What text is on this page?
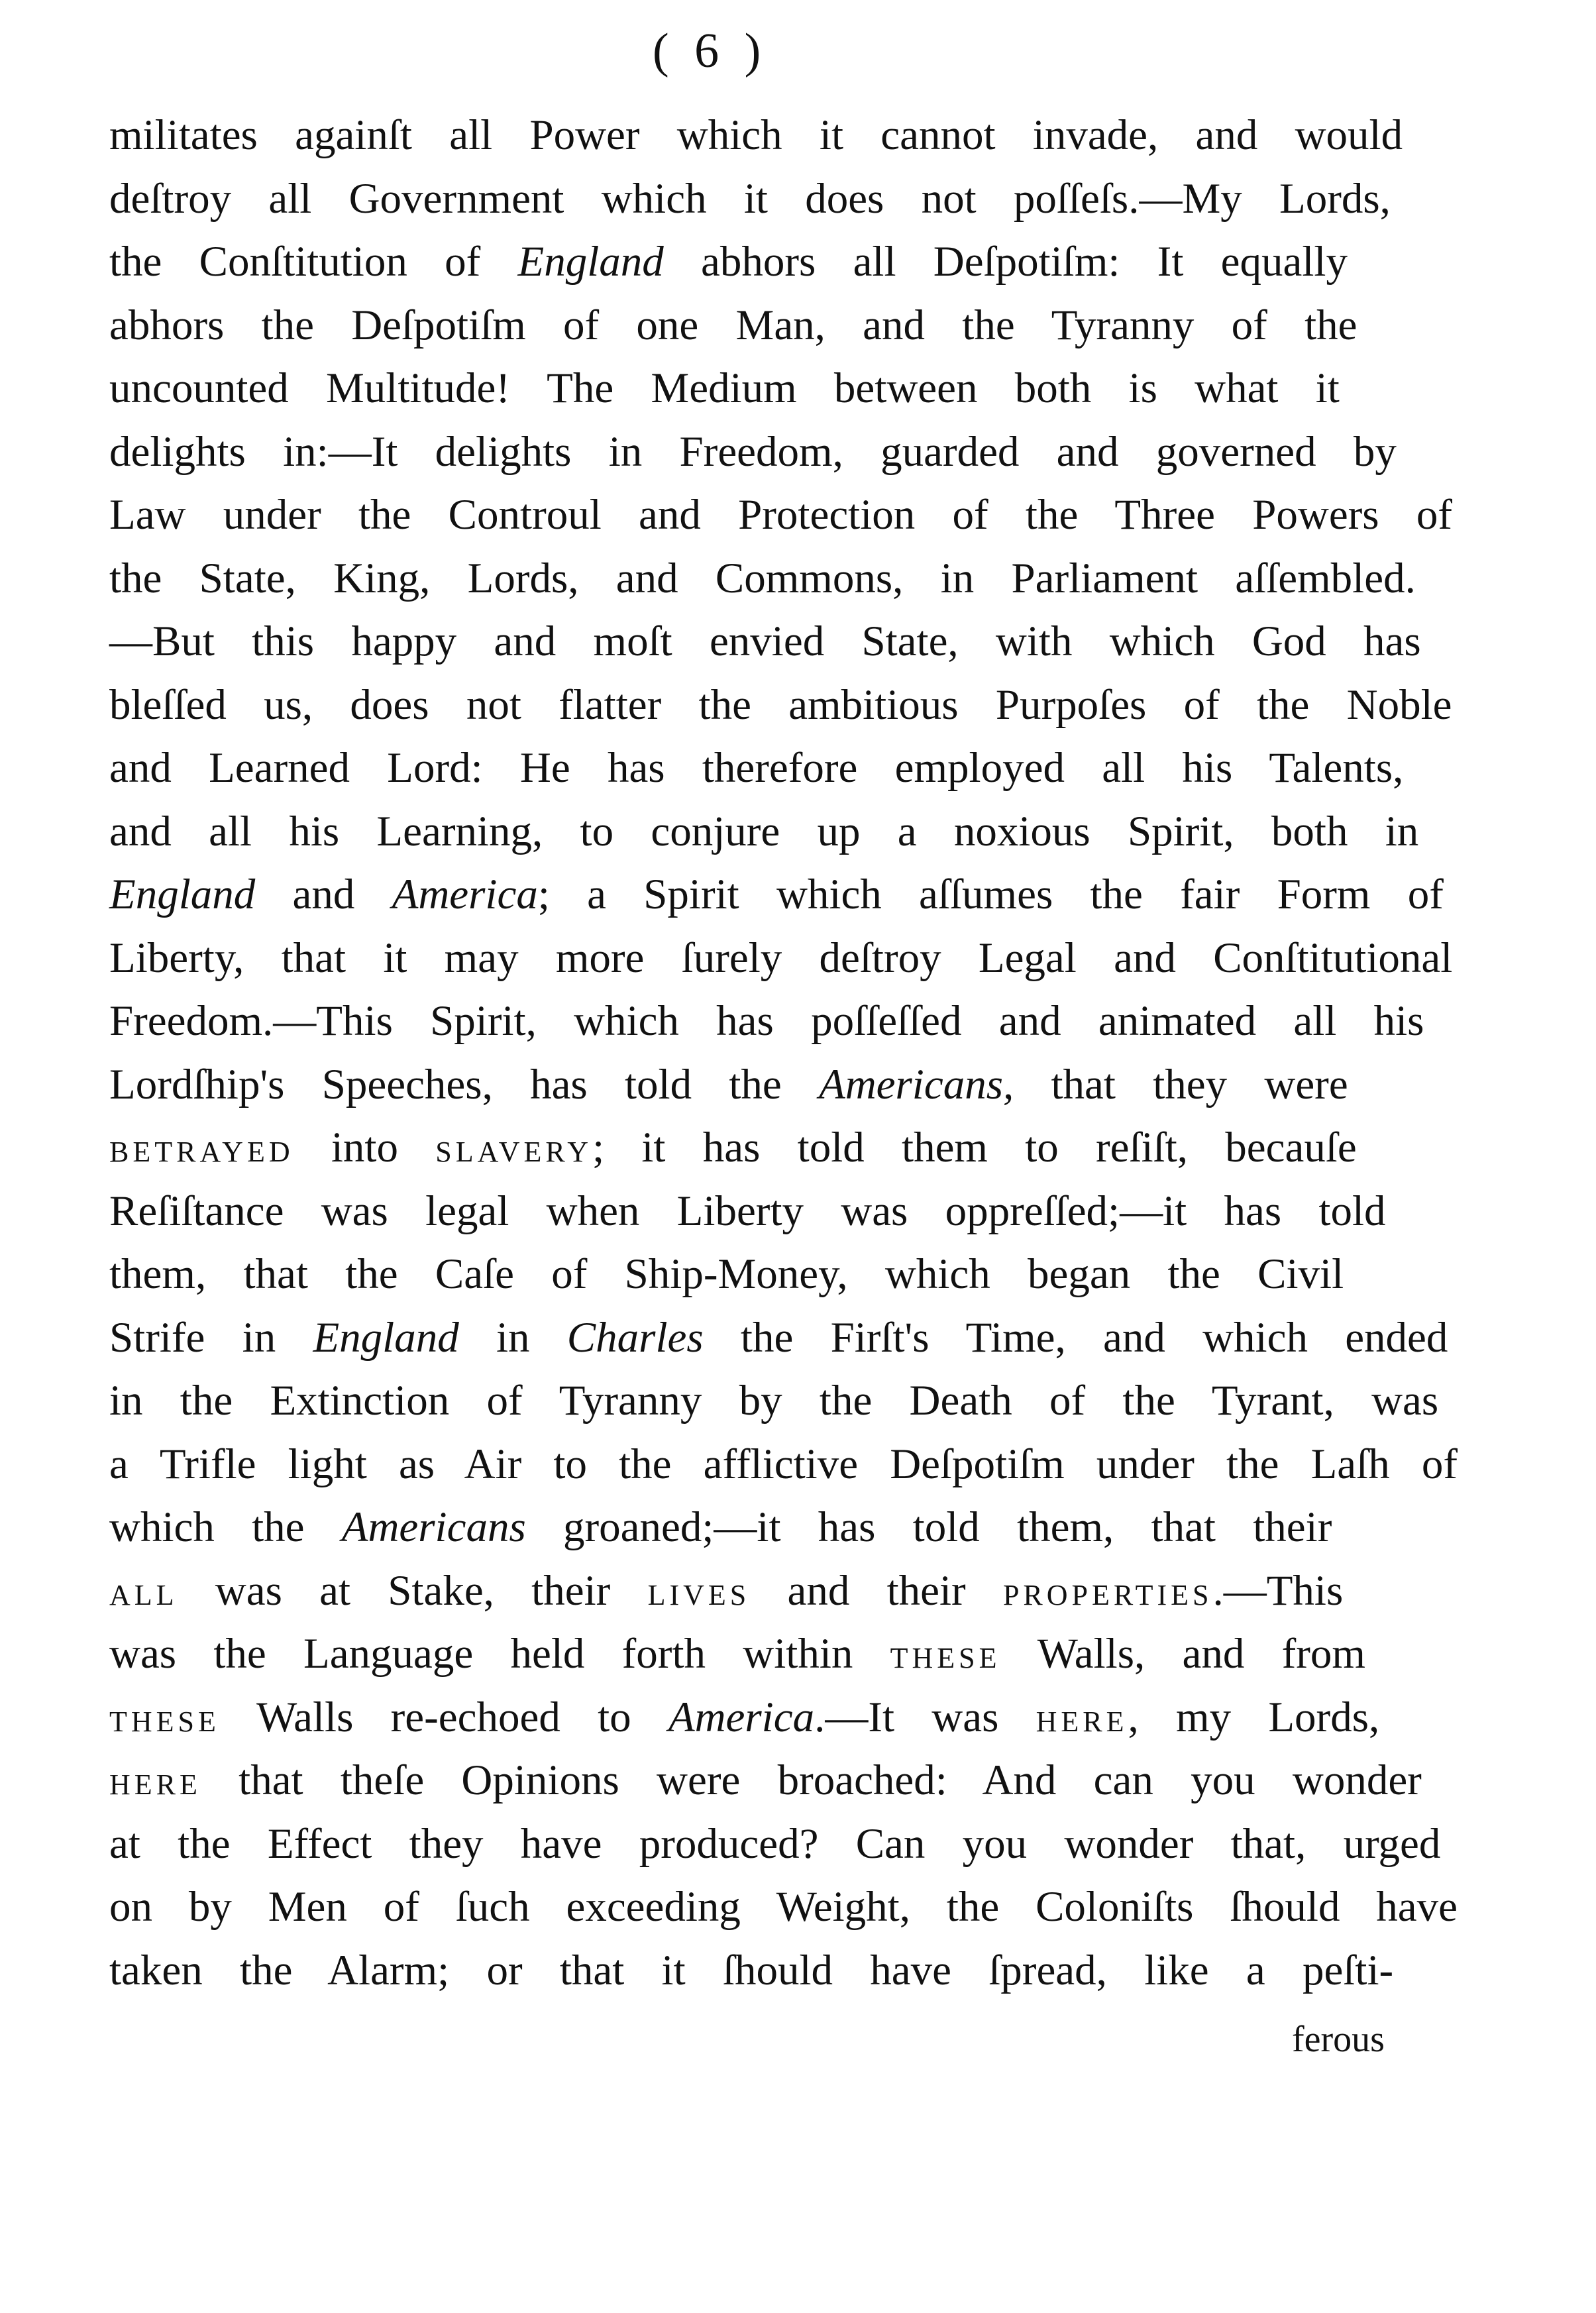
( 6 )
militates againſt all Power which it cannot invade, and would
deſtroy all Government which it does not poſſeſs.—My Lords,
the Conſtitution of England abhors all Deſpotiſm: It equally
abhors the Deſpotiſm of one Man, and the Tyranny of the
uncounted Multitude! The Medium between both is what it
delights in:—It delights in Freedom, guarded and governed by
Law under the Controul and Protection of the Three Powers of
the State, King, Lords, and Commons, in Parliament aſſembled.
—But this happy and moſt envied State, with which God has
bleſſed us, does not flatter the ambitious Purpoſes of the Noble
and Learned Lord: He has therefore employed all his Talents,
and all his Learning, to conjure up a noxious Spirit, both in
England and America; a Spirit which aſſumes the fair Form of
Liberty, that it may more ſurely deſtroy Legal and Conſtitutional
Freedom.—This Spirit, which has poſſeſſed and animated all his
Lordſhip's Speeches, has told the Americans, that they were
BETRAYED into SLAVERY; it has told them to reſiſt, becauſe
Reſiſtance was legal when Liberty was oppreſſed;—it has told
them, that the Caſe of Ship-Money, which began the Civil
Strife in England in Charles the Firſt's Time, and which ended
in the Extinction of Tyranny by the Death of the Tyrant, was
a Trifle light as Air to the afflictive Deſpotiſm under the Laſh of
which the Americans groaned;—it has told them, that their
ALL was at Stake, their LIVES and their PROPERTIES.—This
was the Language held forth within THESE Walls, and from
THESE Walls re-echoed to America.—It was HERE, my Lords,
HERE that theſe Opinions were broached: And can you wonder
at the Effect they have produced? Can you wonder that, urged
on by Men of ſuch exceeding Weight, the Coloniſts ſhould have
taken the Alarm; or that it ſhould have ſpread, like a peſti-
ferous
